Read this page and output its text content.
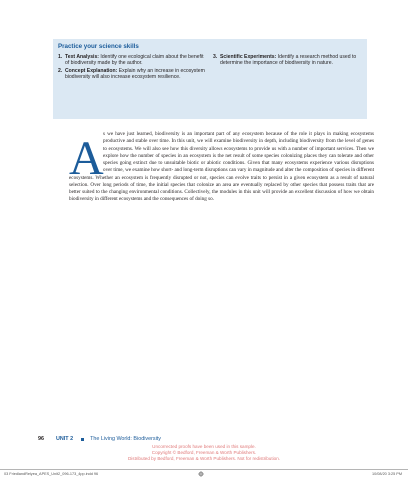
Practice your science skills
1. Text Analysis: Identify one ecological claim about the benefit of biodiversity made by the author.
2. Concept Explanation: Explain why an increase in ecosystem biodiversity will also increase ecosystem resilience.
3. Scientific Experiments: Identify a research method used to determine the importance of biodiversity in nature.
A s we have just learned, biodiversity is an important part of any ecosystem because of the role it plays in making ecosystems productive and stable over time. In this unit, we will examine biodiversity in depth, including biodiversity from the level of genes to ecosystems. We will also see how this diversity allows ecosystems to provide us with a number of important services. Then we explore how the number of species in an ecosystem is the net result of some species colonizing places they can tolerate and other species going extinct due to unsuitable biotic or abiotic conditions. Given that many ecosystems experience various disruptions over time, we examine how short- and long-term disruptions can vary in magnitude and alter the composition of species in different ecosystems. Whether an ecosystem is frequently disrupted or not, species can evolve traits to persist in a given ecosystem as a result of natural selection. Over long periods of time, the initial species that colonize an area are eventually replaced by other species that possess traits that are better suited to the changing environmental conditions. Collectively, the modules in this unit will provide an excellent discussion of how we obtain biodiversity in different ecosystems and the consequences of doing so.
96 UNIT 2	The Living World: Biodiversity
Uncorrected proofs have been used in this sample.
Copyright © Bedford, Freeman & Worth Publishers.
Distributed by Bedford, Freeman & Worth Publishers. Not for redistribution.
03 FriedlandRelyea_APES_Unit2_096-173_4pp.indd 96	10/08/20 3:25 PM
